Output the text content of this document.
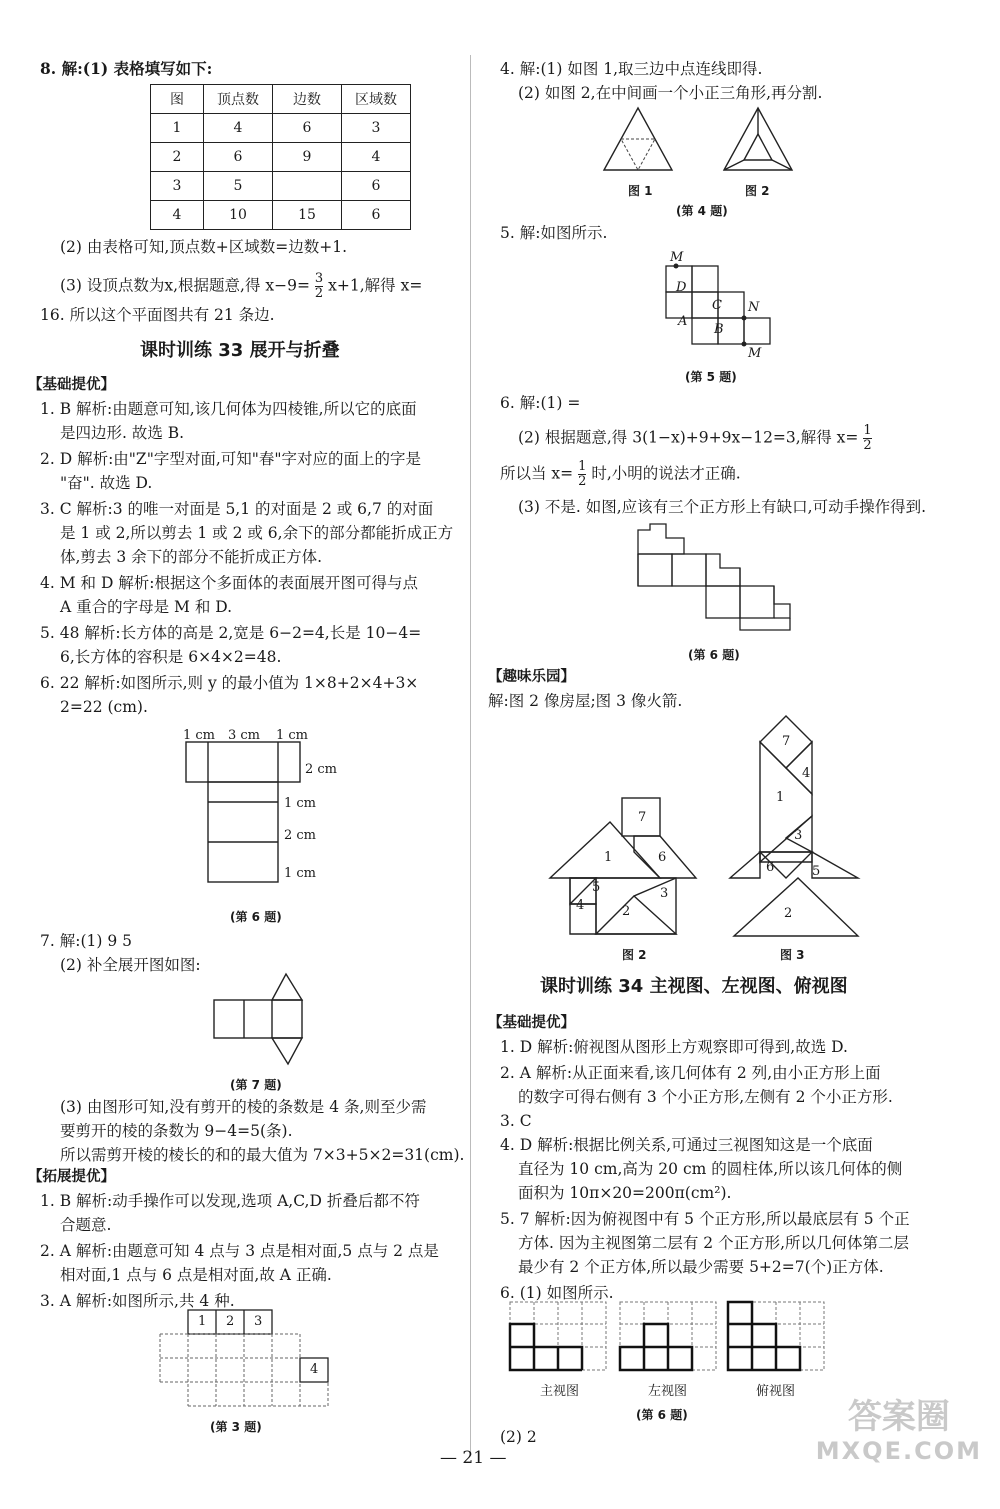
8. 解:(1) 表格填写如下:
图	顶点数	边数	区域数
1	4	6	3
2	6	9	4
3	5		6
4	10	15	6
(2) 由表格可知,顶点数+区域数=边数+1.
(3) 设顶点数为x,根据题意,得 $x-9= \frac{3}{2} x+1$,解得 x=
16. 所以这个平面图共有 21 条边.
课时训练 33 展开与折叠
【基础提优】
1. B 解析:由题意可知,该几何体为四棱锥,所以它的底面
是四边形. 故选 B.
2. D 解析:由"Z"字型对面,可知"春"字对应的面上的字是
"奋". 故选 D.
3. C 解析:3 的唯一对面是 5,1 的对面是 2 或 6,7 的对面
是 1 或 2,所以剪去 1 或 2 或 6,余下的部分都能折成正方
体,剪去 3 余下的部分不能折成正方体.
4. M 和 D 解析:根据这个多面体的表面展开图可得与点
A 重合的字母是 M 和 D.
5. 48 解析:长方体的高是 2,宽是 6−2=4,长是 10−4=
6,长方体的容积是 6×4×2=48.
6. 22 解析:如图所示,则 y 的最小值为 1×8+2×4+3×
2=22 (cm).
1 cm 3 cm 1 cm
2 cm
1 cm
2 cm
1 cm
(第 6 题)
7. 解:(1) 9 5
(2) 补全展开图如图:
(第 7 题)
(3) 由图形可知,没有剪开的棱的条数是 4 条,则至少需
要剪开的棱的条数为 9−4=5(条).
所以需剪开棱的棱长的和的最大值为 7×3+5×2=31(cm).
【拓展提优】
1. B 解析:动手操作可以发现,选项 A,C,D 折叠后都不符
合题意.
2. A 解析:由题意可知 4 点与 3 点是相对面,5 点与 2 点是
相对面,1 点与 6 点是相对面,故 A 正确.
3. A 解析:如图所示,共 4 种.
1 2 3
4
(第 3 题)
4. 解:(1) 如图 1,取三边中点连线即得.
(2) 如图 2,在中间画一个小正三角形,再分割.
图 1	图 2
(第 4 题)
5. 解:如图所示.
M
D
C N
A
B
M
(第 5 题)
6. 解:(1) =
(2) 根据题意,得 3(1−x)+9+9x−12=3,解得 $x= \frac{1}{2}$
所以当 $x= \frac{1}{2}$ 时,小明的说法才正确.
(3) 不是. 如图,应该有三个正方形上有缺口,可动手操作得到.
(第 6 题)
【趣味乐园】
解:图 2 像房屋;图 3 像火箭.
7
1	6
5
4
3
2
7
4
1
3
6	5
2
图 2	图 3
课时训练 34 主视图、左视图、俯视图
【基础提优】
1. D 解析:俯视图从图形上方观察即可得到,故选 D.
2. A 解析:从正面来看,该几何体有 2 列,由小正方形上面
的数字可得右侧有 3 个小正方形,左侧有 2 个小正方形.
3. C
4. D 解析:根据比例关系,可通过三视图知这是一个底面
直径为 10 cm,高为 20 cm 的圆柱体,所以该几何体的侧
面积为 10π×20=200π(cm²).
5. 7 解析:因为俯视图中有 5 个正方形,所以最底层有 5 个正
方体. 因为主视图第二层有 2 个正方形,所以几何体第二层
最少有 2 个正方体,所以最少需要 5+2=7(个)正方体.
6. (1) 如图所示.
主视图	左视图	俯视图
(第 6 题)
(2) 2
— 21 —
答案圈
MXQE.COM
